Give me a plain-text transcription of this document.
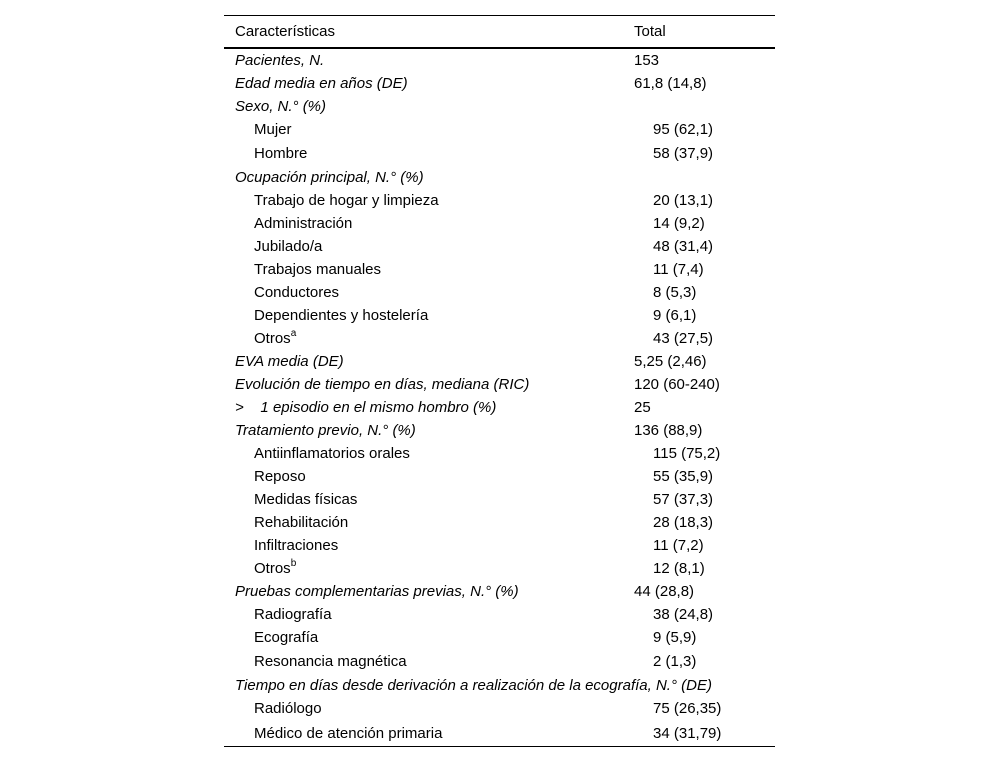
Características	Total
Pacientes, N.	153
Edad media en años (DE)	61,8 (14,8)
Sexo, N.° (%)
Mujer	95 (62,1)
Hombre	58 (37,9)
Ocupación principal, N.° (%)
Trabajo de hogar y limpieza	20 (13,1)
Administración	14 (9,2)
Jubilado/a	48 (31,4)
Trabajos manuales	11 (7,4)
Conductores	8 (5,3)
Dependientes y hostelería	9 (6,1)
Otros$^a$	43 (27,5)
EVA media (DE)	5,25 (2,46)
Evolución de tiempo en días, mediana (RIC)	120 (60-240)
>    1 episodio en el mismo hombro (%)	25
Tratamiento previo, N.° (%)	136 (88,9)
Antiinflamatorios orales	115 (75,2)
Reposo	55 (35,9)
Medidas físicas	57 (37,3)
Rehabilitación	28 (18,3)
Infiltraciones	11 (7,2)
Otros$^b$	12 (8,1)
Pruebas complementarias previas, N.° (%)	44 (28,8)
Radiografía	38 (24,8)
Ecografía	9 (5,9)
Resonancia magnética	2 (1,3)
Tiempo en días desde derivación a realización de la ecografía, N.° (DE)
Radiólogo	75 (26,35)
Médico de atención primaria	34 (31,79)
